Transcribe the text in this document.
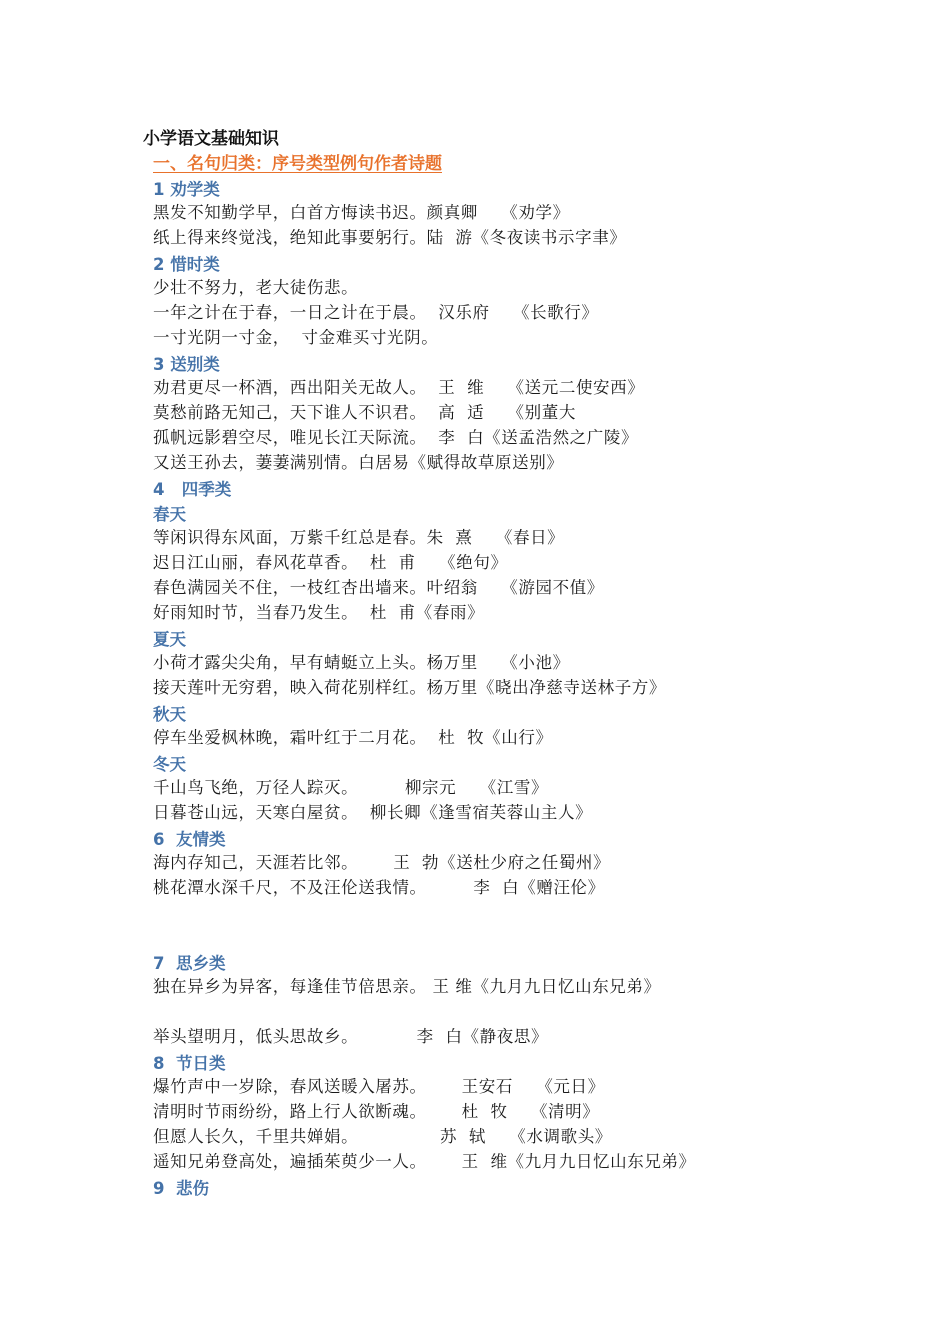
小学语文基础知识
一、名句归类：序号类型例句作者诗题
1 劝学类
黑发不知勤学早，白首方悔读书迟。颜真卿    《劝学》
纸上得来终觉浅，绝知此事要躬行。陆  游《冬夜读书示字聿》
2 惜时类
少壮不努力，老大徒伤悲。
一年之计在于春，一日之计在于晨。  汉乐府    《长歌行》
一寸光阴一寸金，  寸金难买寸光阴。
3 送别类
劝君更尽一杯酒，西出阳关无故人。  王  维    《送元二使安西》
莫愁前路无知己，天下谁人不识君。  高  适    《别董大
孤帆远影碧空尽，唯见长江天际流。  李  白《送孟浩然之广陵》
又送王孙去，萋萋满别情。白居易《赋得故草原送别》
4   四季类
春天
等闲识得东风面，万紫千红总是春。朱  熹    《春日》
迟日江山丽，春风花草香。  杜  甫    《绝句》
春色满园关不住，一枝红杏出墙来。叶绍翁    《游园不值》
好雨知时节，当春乃发生。  杜  甫《春雨》
夏天
小荷才露尖尖角，早有蜻蜓立上头。杨万里    《小池》
接天莲叶无穷碧，映入荷花别样红。杨万里《晓出净慈寺送林子方》
秋天
停车坐爱枫林晚，霜叶红于二月花。  杜  牧《山行》
冬天
千山鸟飞绝，万径人踪灭。        柳宗元    《江雪》
日暮苍山远，天寒白屋贫。  柳长卿《逢雪宿芙蓉山主人》
6  友情类
海内存知己，天涯若比邻。      王  勃《送杜少府之任蜀州》
桃花潭水深千尺，不及汪伦送我情。        李  白《赠汪伦》
7  思乡类
独在异乡为异客，每逢佳节倍思亲。 王 维《九月九日忆山东兄弟》
举头望明月，低头思故乡。          李  白《静夜思》
8  节日类
爆竹声中一岁除，春风送暖入屠苏。      王安石    《元日》
清明时节雨纷纷，路上行人欲断魂。      杜  牧    《清明》
但愿人长久，千里共婵娟。              苏  轼    《水调歌头》
遥知兄弟登高处，遍插茱萸少一人。      王  维《九月九日忆山东兄弟》
9  悲伤
